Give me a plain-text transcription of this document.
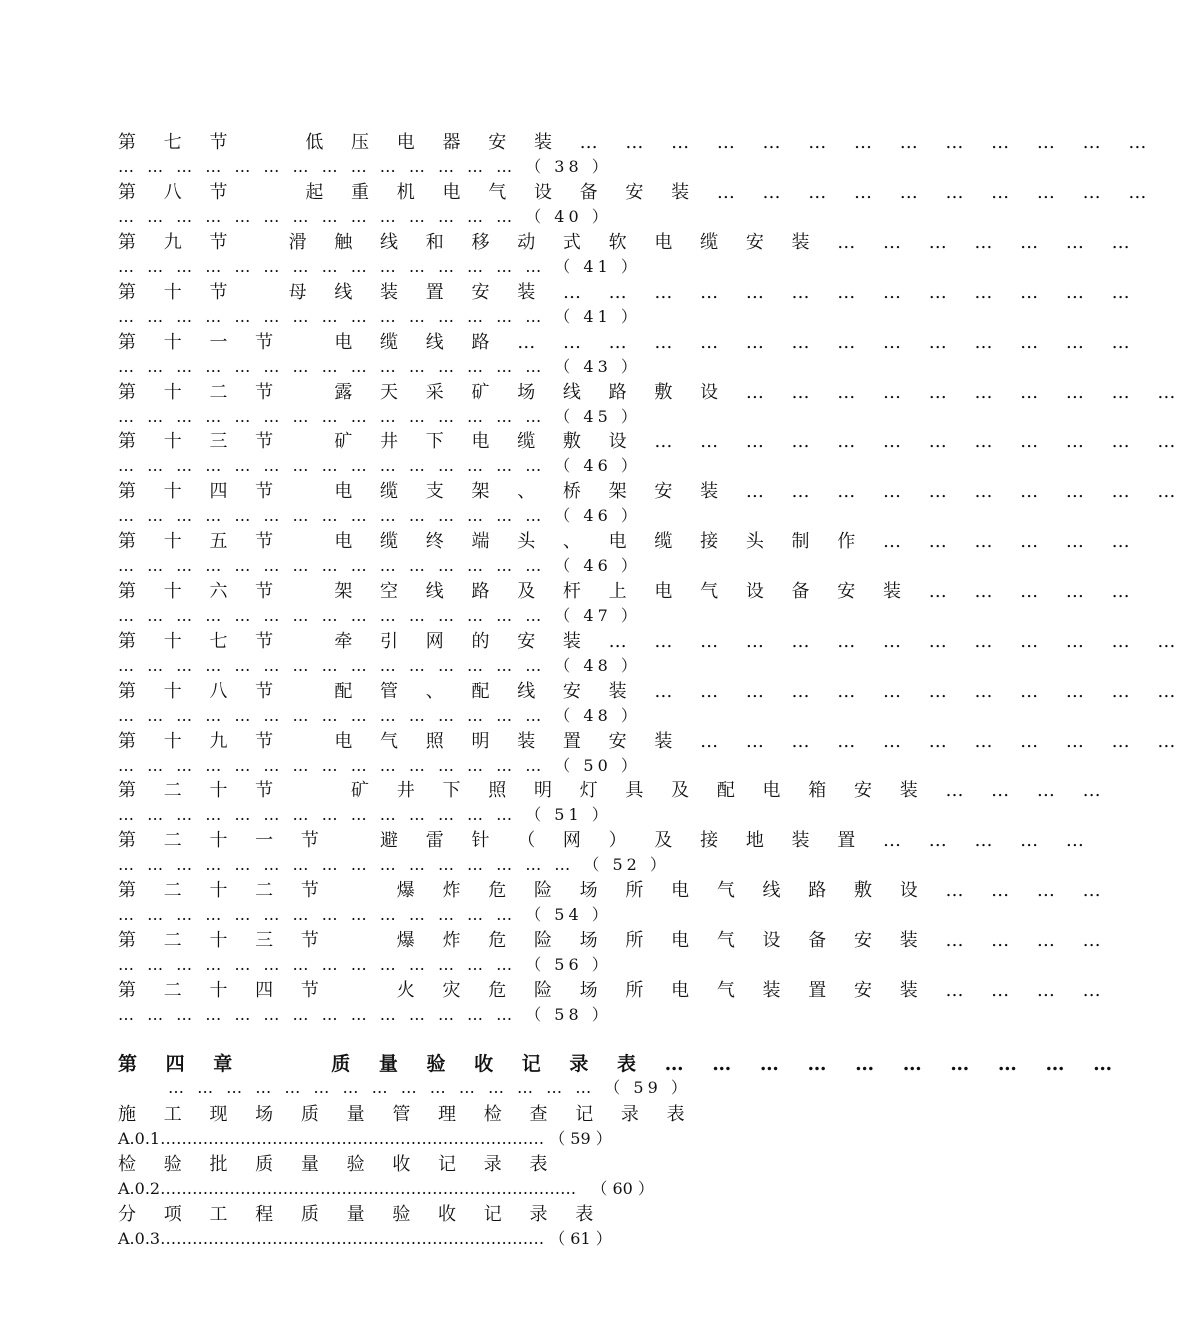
第 七 节    低 压 电 器 安 装 … … … … … … … … … … … … …
… … … … … … … … … … … … … … （ 38 ）
第 八 节    起 重 机 电 气 设 备 安 装 … … … … … … … … … …
… … … … … … … … … … … … … … （ 40 ）
第 九 节   滑 触 线 和 移 动 式 软 电 缆 安 装 … … … … … … …
… … … … … … … … … … … … … … … （ 41 ）
第 十 节   母 线 装 置 安 装 … … … … … … … … … … … … …
… … … … … … … … … … … … … … … （ 41 ）
第 十 一 节   电 缆 线 路 … … … … … … … … … … … … … …
… … … … … … … … … … … … … … … （ 43 ）
第 十 二 节   露 天 采 矿 场 线 路 敷 设 … … … … … … … … … …
… … … … … … … … … … … … … … … （ 45 ）
第 十 三 节   矿 井 下 电 缆 敷 设 … … … … … … … … … … … …
… … … … … … … … … … … … … … … （ 46 ）
第 十 四 节   电 缆 支 架 、 桥 架 安 装 … … … … … … … … … …
… … … … … … … … … … … … … … … （ 46 ）
第 十 五 节   电 缆 终 端 头 、 电 缆 接 头 制 作 … … … … … …
… … … … … … … … … … … … … … … （ 46 ）
第 十 六 节   架 空 线 路 及 杆 上 电 气 设 备 安 装 … … … … …
… … … … … … … … … … … … … … … （ 47 ）
第 十 七 节   牵 引 网 的 安 装 … … … … … … … … … … … … …
… … … … … … … … … … … … … … … （ 48 ）
第 十 八 节   配 管 、 配 线 安 装 … … … … … … … … … … … …
… … … … … … … … … … … … … … … （ 48 ）
第 十 九 节   电 气 照 明 装 置 安 装 … … … … … … … … … … …
… … … … … … … … … … … … … … … （ 50 ）
第 二 十 节    矿 井 下 照 明 灯 具 及 配 电 箱 安 装 … … … …
… … … … … … … … … … … … … … （ 51 ）
第 二 十 一 节   避 雷 针 （ 网 ） 及 接 地 装 置 … … … … …
… … … … … … … … … … … … … … … … （ 52 ）
第 二 十 二 节    爆 炸 危 险 场 所 电 气 线 路 敷 设 … … … …
… … … … … … … … … … … … … … （ 54 ）
第 二 十 三 节    爆 炸 危 险 场 所 电 气 设 备 安 装 … … … …
… … … … … … … … … … … … … … （ 56 ）
第 二 十 四 节    火 灾 危 险 场 所 电 气 装 置 安 装 … … … …
… … … … … … … … … … … … … … （ 58 ）
第 四 章     质 量 验 收 记 录 表 … … … … … … … … … …
… … … … … … … … … … … … … … … （ 59 ）
施 工 现 场 质 量 管 理 检 查 记 录 表
A.0.1……………………………………………………………… （ 59 ）
检 验 批 质 量 验 收 记 录 表
A.0.2……………………………………………………………………   （ 60 ）
分 项 工 程 质 量 验 收 记 录 表
A.0.3……………………………………………………………… （ 61 ）
